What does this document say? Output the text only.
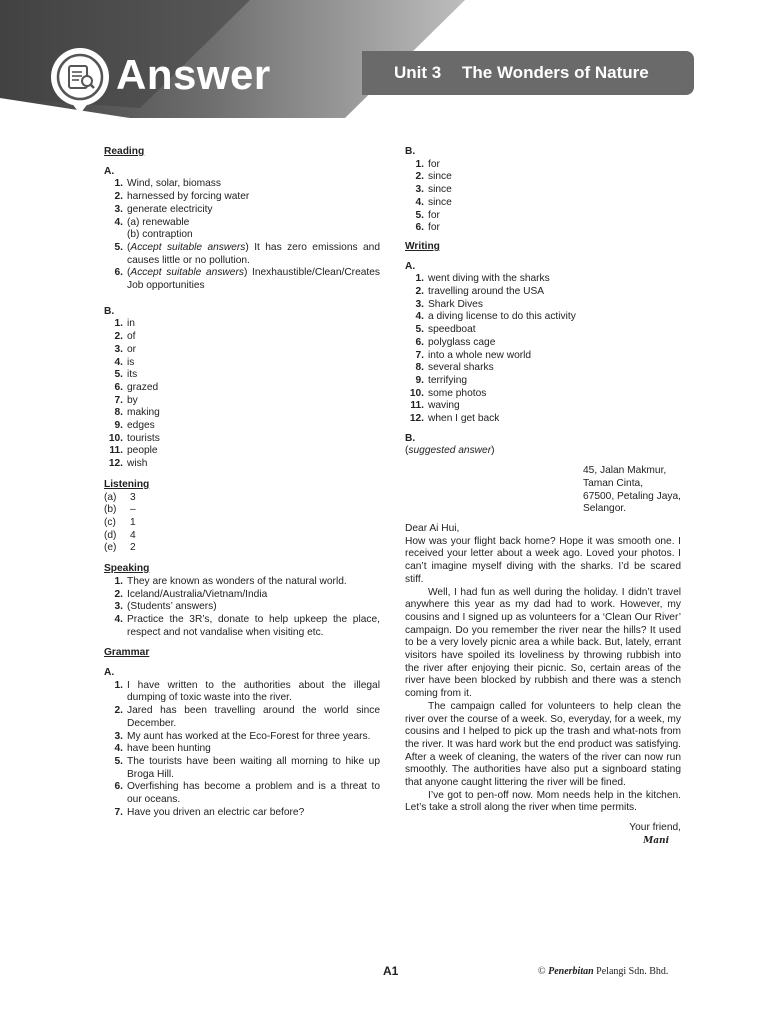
Answer	Unit 3 The Wonders of Nature
Reading
A.
1. Wind, solar, biomass
2. harnessed by forcing water
3. generate electricity
4. (a) renewable
(b) contraption
5. (Accept suitable answers) It has zero emissions and causes little or no pollution.
6. (Accept suitable answers) Inexhaustible/Clean/Creates Job opportunities
B.
1. in
2. of
3. or
4. is
5. its
6. grazed
7. by
8. making
9. edges
10. tourists
11. people
12. wish
Listening
(a)	3
(b)	–
(c)	1
(d)	4
(e)	2
Speaking
1. They are known as wonders of the natural world.
2. Iceland/Australia/Vietnam/India
3. (Students’ answers)
4. Practice the 3R’s, donate to help upkeep the place, respect and not vandalise when visiting etc.
Grammar
A.
1. I have written to the authorities about the illegal dumping of toxic waste into the river.
2. Jared has been travelling around the world since December.
3. My aunt has worked at the Eco-Forest for three years.
4. have been hunting
5. The tourists have been waiting all morning to hike up Broga Hill.
6. Overfishing has become a problem and is a threat to our oceans.
7. Have you driven an electric car before?
B.
1. for
2. since
3. since
4. since
5. for
6. for
Writing
A.
1. went diving with the sharks
2. travelling around the USA
3. Shark Dives
4. a diving license to do this activity
5. speedboat
6. polyglass cage
7. into a whole new world
8. several sharks
9. terrifying
10. some photos
11. waving
12. when I get back
B.
(suggested answer)
45, Jalan Makmur,
Taman Cinta,
67500, Petaling Jaya,
Selangor.
Dear Ai Hui,
How was your flight back home? Hope it was smooth one. I received your letter about a week ago. Loved your photos. I can’t imagine myself diving with the sharks. I’d be scared stiff.
Well, I had fun as well during the holiday. I didn’t travel anywhere this year as my dad had to work. However, my cousins and I signed up as volunteers for a ‘Clean Our River’ campaign. Do you remember the river near the hills? It used to be a very lovely picnic area a while back. But, lately, errant visitors have spoiled its loveliness by throwing rubbish into the river after enjoying their picnic. So, certain areas of the river have been blocked by rubbish and there was a stench coming from it.
The campaign called for volunteers to help clean the river over the course of a week. So, everyday, for a week, my cousins and I helped to pick up the trash and what-nots from the river. It was hard work but the end product was satisfying. After a week of cleaning, the waters of the river can now run smoothly. The authorities have also put a signboard stating that anyone caught littering the river will be fined.
I’ve got to pen-off now. Mom needs help in the kitchen. Let’s take a stroll along the river when time permits.
Your friend,
Mani
A1	© Penerbitan Pelangi Sdn. Bhd.
